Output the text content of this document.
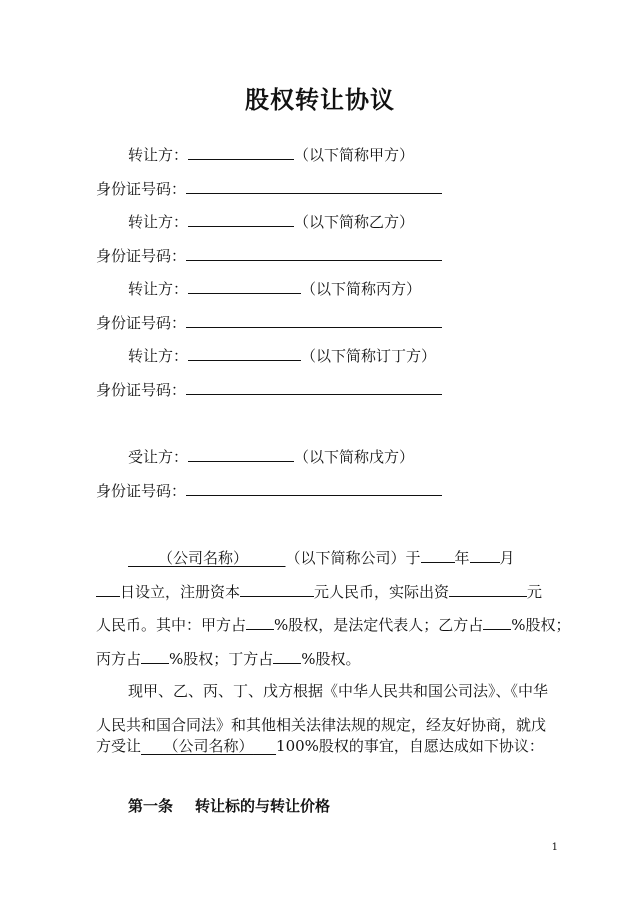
股权转让协议
转让方：	（以下简称甲方）
身份证号码：
转让方：	（以下简称乙方）
身份证号码：
转让方：	（以下简称丙方）
身份证号码：
转让方：	（以下简称订丁方）
身份证号码：
受让方：	（以下简称戊方）
身份证号码：
  （公司名称）   	（以下简称公司）于 年 月
日设立，注册资本	元人民币，实际出资	元
人民币。其中：甲方占 %股权，是法定代表人；乙方占 %股权；
丙方占 %股权；丁方占 %股权。
现甲、乙、丙、丁、戊方根据《中华人民共和国公司法》、《中华
人民共和国合同法》和其他相关法律法规的规定，经友好协商，就戊
方受让   （公司名称）   100%股权的事宜，自愿达成如下协议：
第一条 转让标的与转让价格
1
